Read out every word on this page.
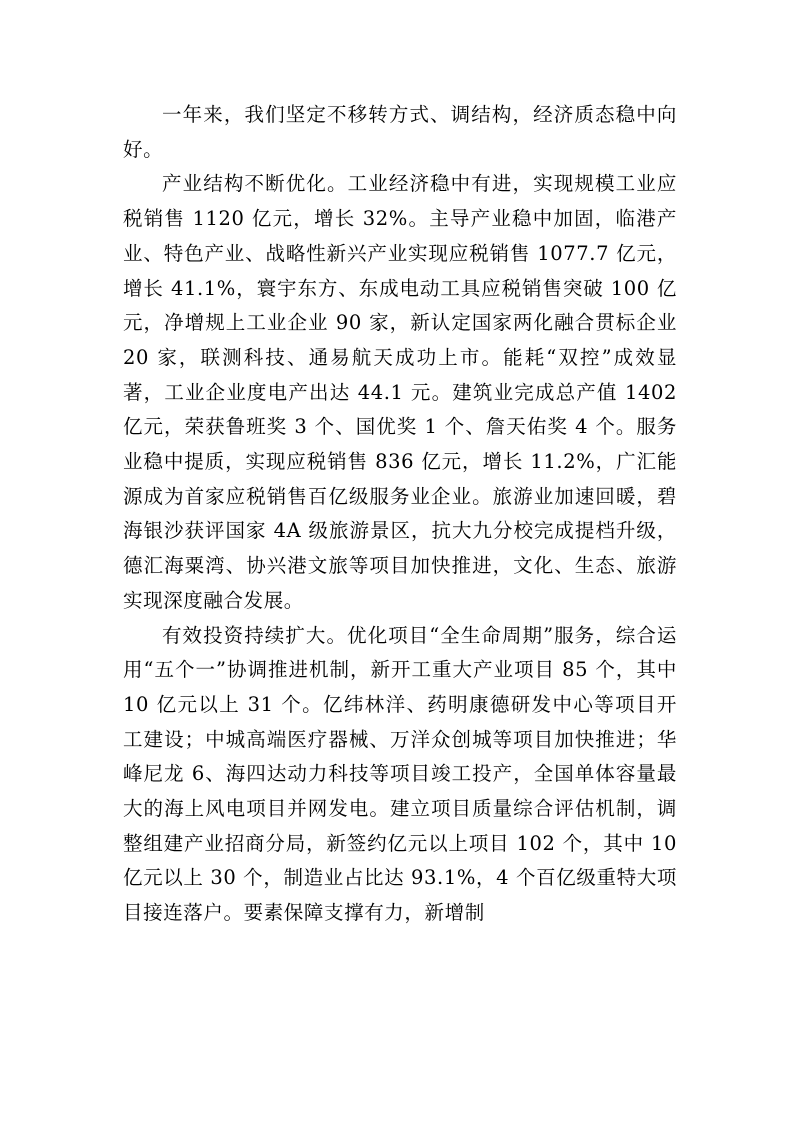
一年来，我们坚定不移转方式、调结构，经济质态稳中向好。

产业结构不断优化。工业经济稳中有进，实现规模工业应税销售 1120 亿元，增长 32%。主导产业稳中加固，临港产业、特色产业、战略性新兴产业实现应税销售 1077.7 亿元，增长 41.1%，寰宇东方、东成电动工具应税销售突破 100 亿元，净增规上工业企业 90 家，新认定国家两化融合贯标企业 20 家，联测科技、通易航天成功上市。能耗“双控”成效显著，工业企业度电产出达 44.1 元。建筑业完成总产值 1402 亿元，荣获鲁班奖 3 个、国优奖 1 个、詹天佑奖 4 个。服务业稳中提质，实现应税销售 836 亿元，增长 11.2%，广汇能源成为首家应税销售百亿级服务业企业。旅游业加速回暖，碧海银沙获评国家 4A 级旅游景区，抗大九分校完成提档升级，德汇海粟湾、协兴港文旅等项目加快推进，文化、生态、旅游实现深度融合发展。

有效投资持续扩大。优化项目“全生命周期”服务，综合运用“五个一”协调推进机制，新开工重大产业项目 85 个，其中 10 亿元以上 31 个。亿纬林洋、药明康德研发中心等项目开工建设；中城高端医疗器械、万洋众创城等项目加快推进；华峰尼龙 6、海四达动力科技等项目竣工投产，全国单体容量最大的海上风电项目并网发电。建立项目质量综合评估机制，调整组建产业招商分局，新签约亿元以上项目 102 个，其中 10 亿元以上 30 个，制造业占比达 93.1%，4 个百亿级重特大项目接连落户。要素保障支撑有力，新增制
